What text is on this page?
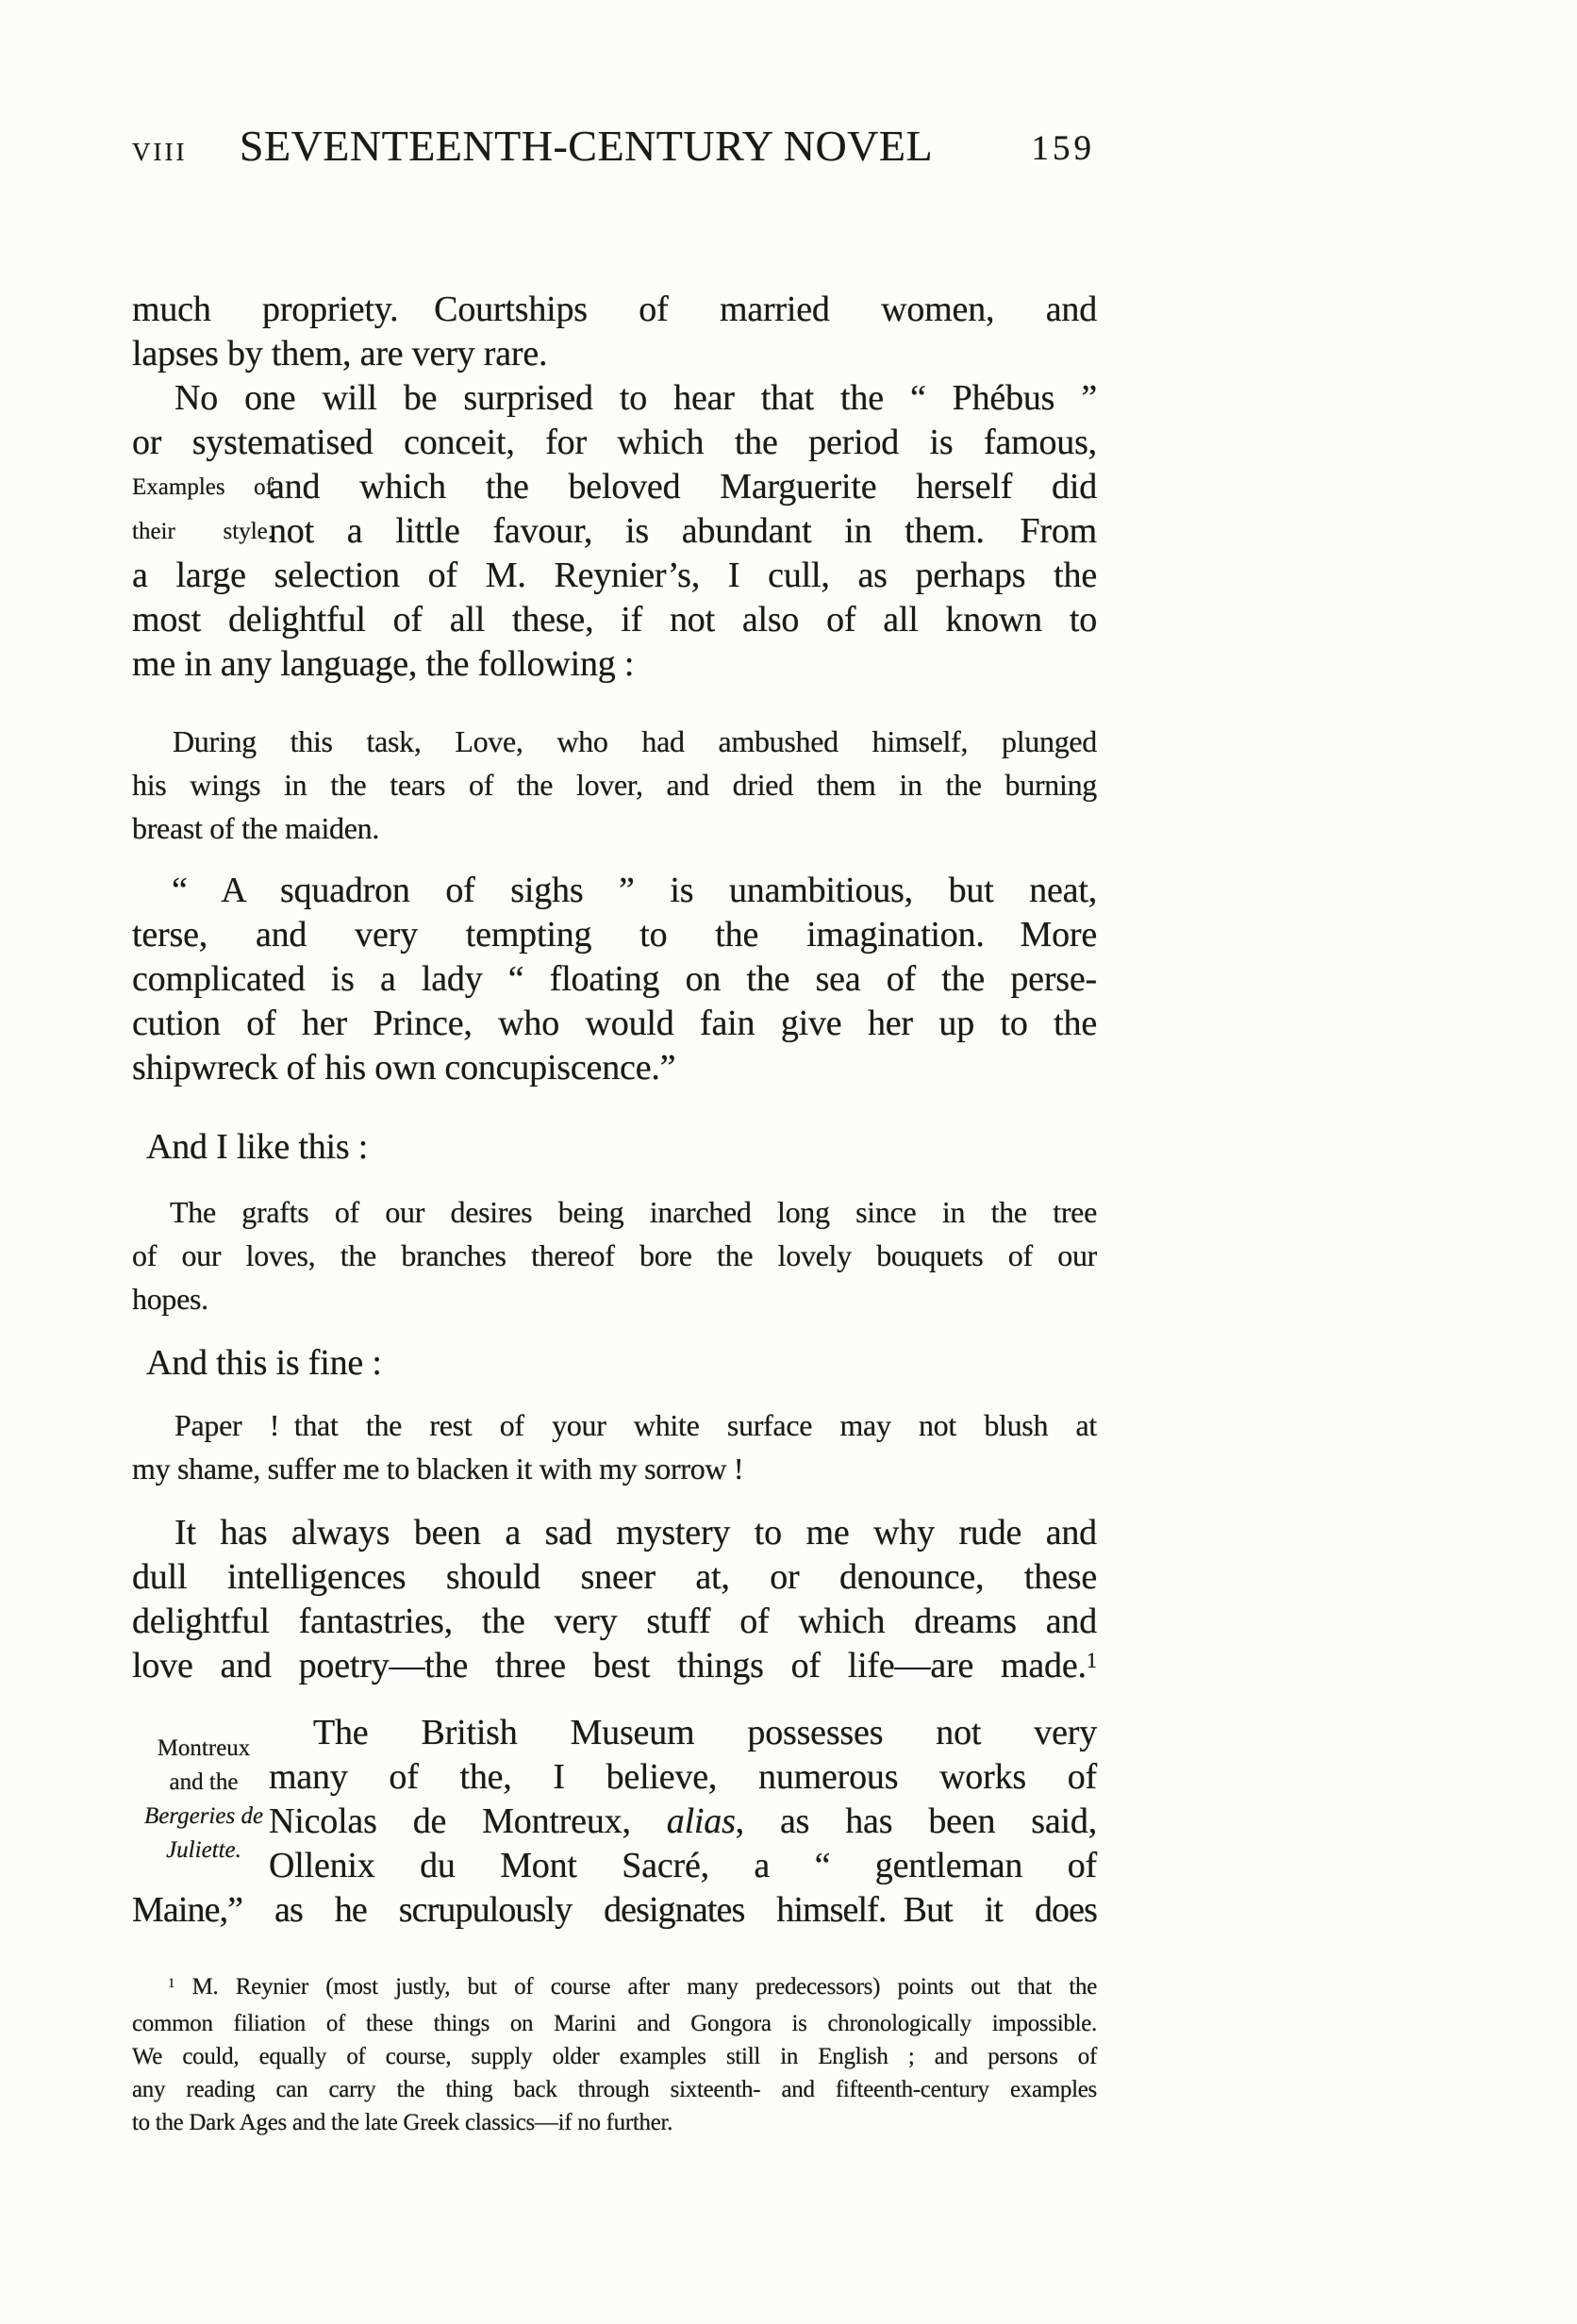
VIII	SEVENTEENTH-CENTURY NOVEL	159
much propriety. Courtships of married women, and
lapses by them, are very rare.
No one will be surprised to hear that the “ Phébus ”
or systematised conceit, for which the period is famous,
Examples of
and which the beloved Marguerite herself did
their style.
not a little favour, is abundant in them. From
a large selection of M. Reynier’s, I cull, as perhaps the
most delightful of all these, if not also of all known to
me in any language, the following :
During this task, Love, who had ambushed himself, plunged
his wings in the tears of the lover, and dried them in the burning
breast of the maiden.
“ A squadron of sighs ” is unambitious, but neat,
terse, and very tempting to the imagination. More
complicated is a lady “ floating on the sea of the perse-
cution of her Prince, who would fain give her up to the
shipwreck of his own concupiscence.”
And I like this :
The grafts of our desires being inarched long since in the tree
of our loves, the branches thereof bore the lovely bouquets of our
hopes.
And this is fine :
Paper ! that the rest of your white surface may not blush at
my shame, suffer me to blacken it with my sorrow !
It has always been a sad mystery to me why rude and
dull intelligences should sneer at, or denounce, these
delightful fantastries, the very stuff of which dreams and
love and poetry—the three best things of life—are made.$^1$
Montreux
and the
Bergeries de
Juliette.
The British Museum possesses not very
many of the, I believe, numerous works of
Nicolas de Montreux, alias, as has been said,
Ollenix du Mont Sacré, a “ gentleman of
Maine,” as he scrupulously designates himself. But it does
$^1$ M. Reynier (most justly, but of course after many predecessors) points out that the
common filiation of these things on Marini and Gongora is chronologically impossible.
We could, equally of course, supply older examples still in English ; and persons of
any reading can carry the thing back through sixteenth- and fifteenth-century examples
to the Dark Ages and the late Greek classics—if no further.
